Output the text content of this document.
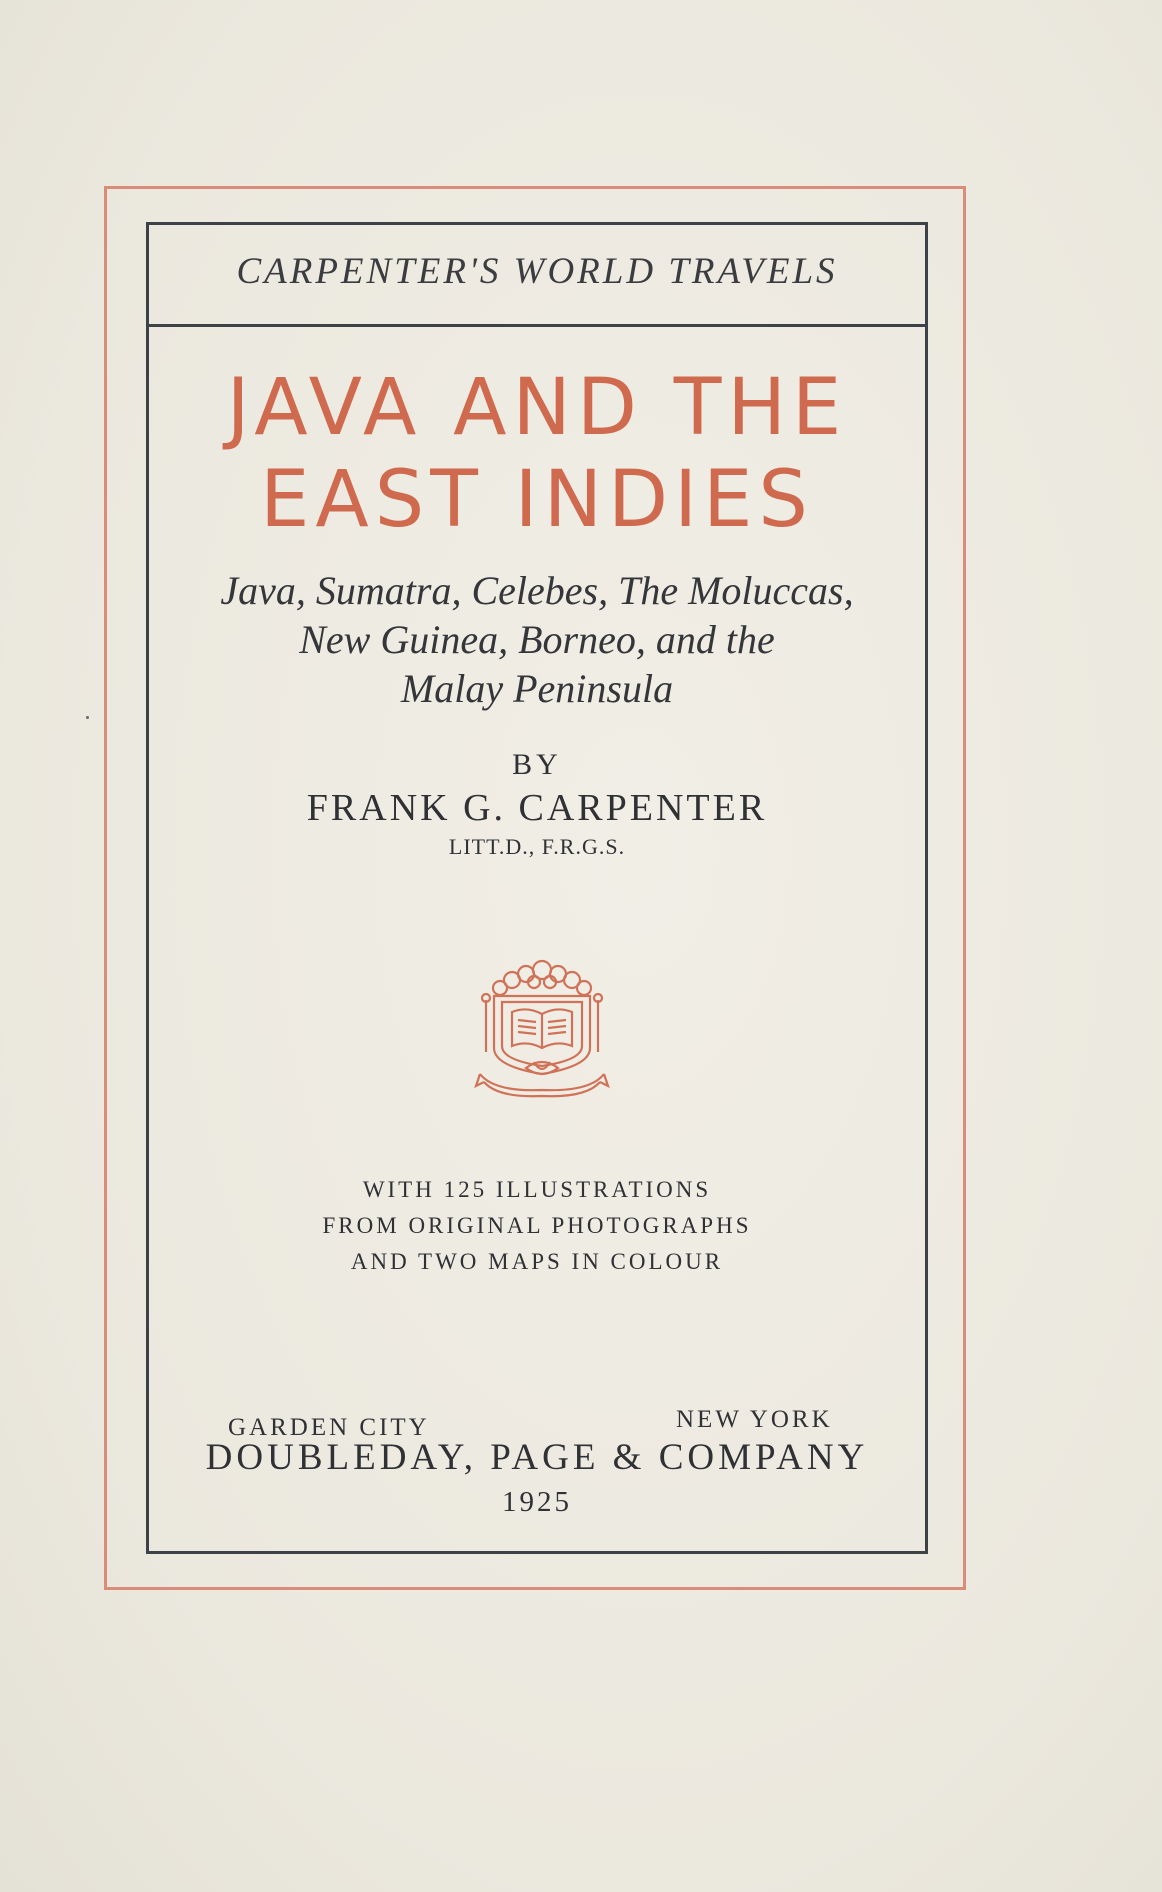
CARPENTER'S WORLD TRAVELS
JAVA AND THE
EAST INDIES
Java, Sumatra, Celebes, The Moluccas,
New Guinea, Borneo, and the
Malay Peninsula
BY
FRANK G. CARPENTER
LITT.D., F.R.G.S.
WITH 125 ILLUSTRATIONS
FROM ORIGINAL PHOTOGRAPHS
AND TWO MAPS IN COLOUR
GARDEN CITY	NEW YORK
DOUBLEDAY, PAGE & COMPANY
1925
